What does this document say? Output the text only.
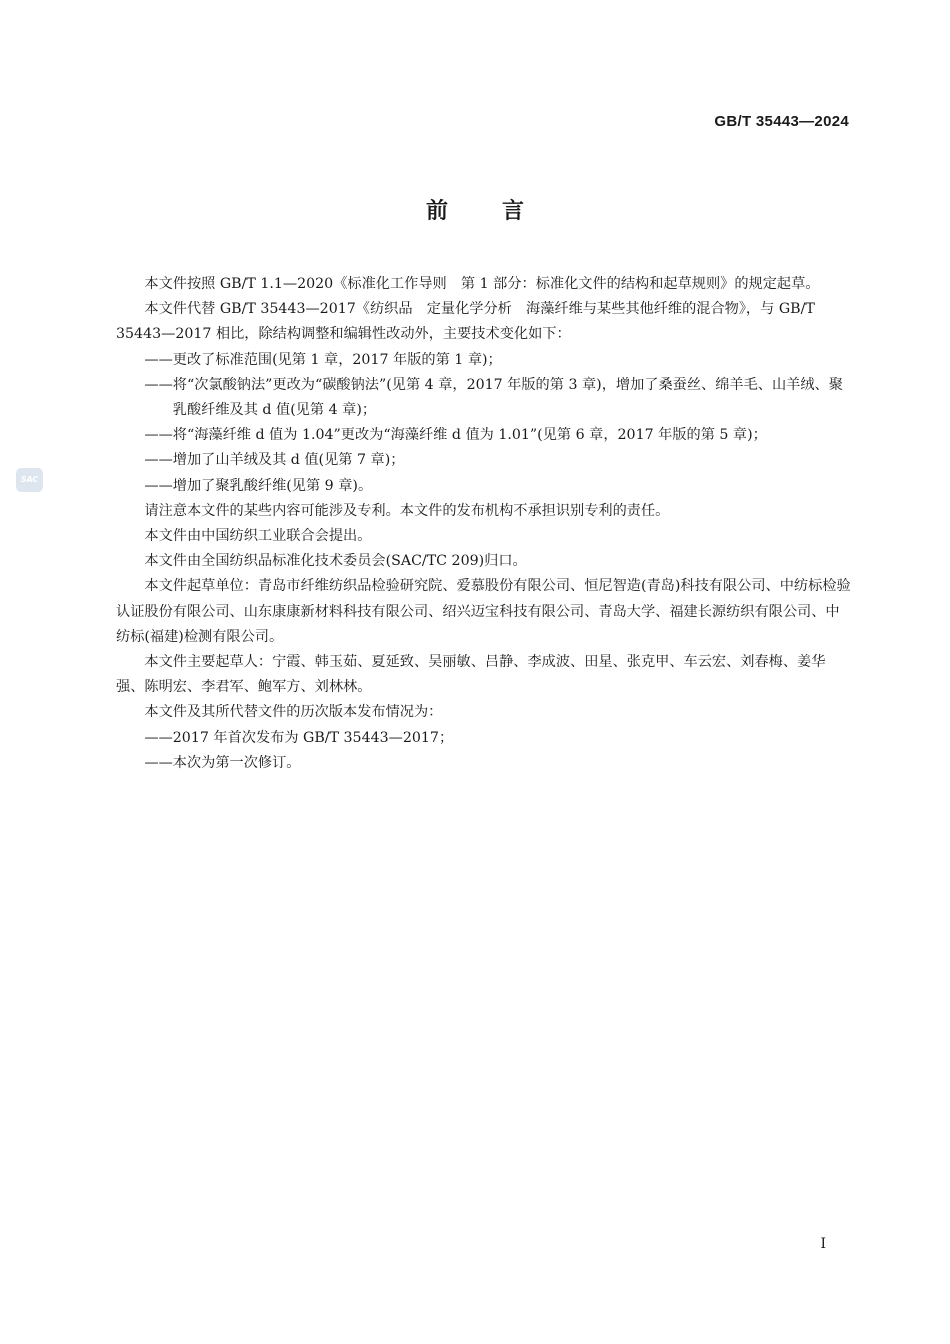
GB/T 35443—2024
SAC
前言

本文件按照 GB/T 1.1—2020《标准化工作导则　第 1 部分：标准化文件的结构和起草规则》的规定起草。

本文件代替 GB/T 35443—2017《纺织品　定量化学分析　海藻纤维与某些其他纤维的混合物》，与 GB/T 35443—2017 相比，除结构调整和编辑性改动外，主要技术变化如下：

——更改了标准范围(见第 1 章，2017 年版的第 1 章)；

——将“次氯酸钠法”更改为“碳酸钠法”(见第 4 章，2017 年版的第 3 章)，增加了桑蚕丝、绵羊毛、山羊绒、聚乳酸纤维及其 d 值(见第 4 章)；

——将“海藻纤维 d 值为 1.04”更改为“海藻纤维 d 值为 1.01”(见第 6 章，2017 年版的第 5 章)；

——增加了山羊绒及其 d 值(见第 7 章)；

——增加了聚乳酸纤维(见第 9 章)。

请注意本文件的某些内容可能涉及专利。本文件的发布机构不承担识别专利的责任。

本文件由中国纺织工业联合会提出。

本文件由全国纺织品标准化技术委员会(SAC/TC 209)归口。

本文件起草单位：青岛市纤维纺织品检验研究院、爱慕股份有限公司、恒尼智造(青岛)科技有限公司、中纺标检验认证股份有限公司、山东康康新材料科技有限公司、绍兴迈宝科技有限公司、青岛大学、福建长源纺织有限公司、中纺标(福建)检测有限公司。

本文件主要起草人：宁霞、韩玉茹、夏延致、吴丽敏、吕静、李成波、田星、张克甲、车云宏、刘春梅、姜华强、陈明宏、李君军、鲍军方、刘林林。

本文件及其所代替文件的历次版本发布情况为：

——2017 年首次发布为 GB/T 35443—2017；

——本次为第一次修订。

I
